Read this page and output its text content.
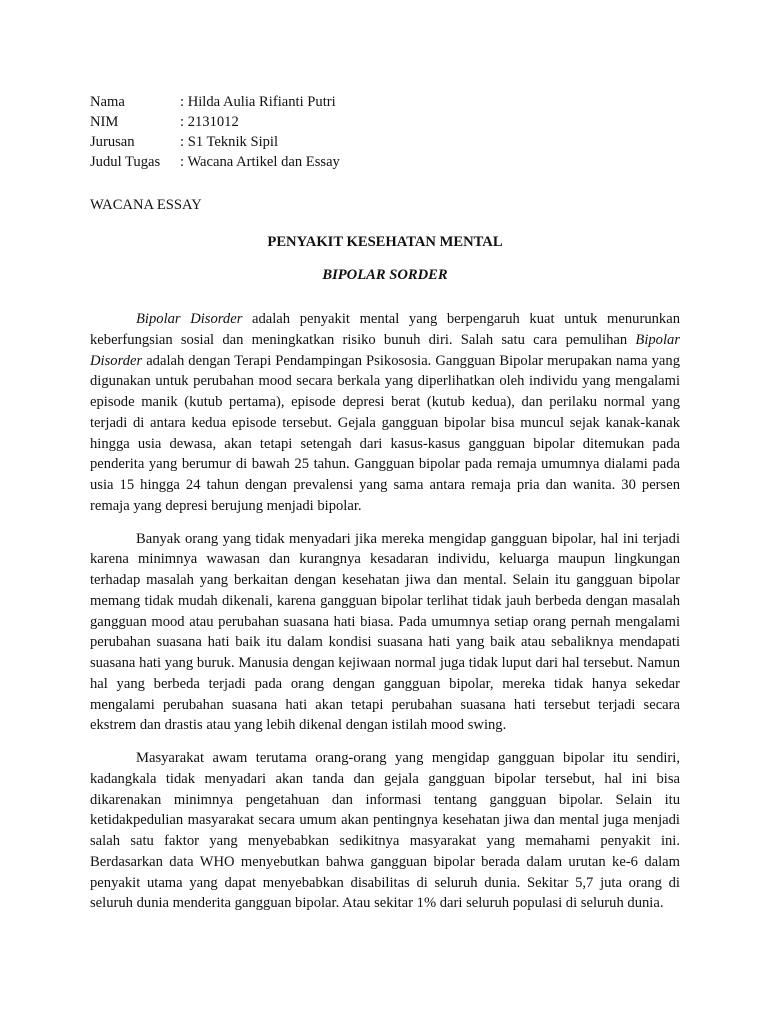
Nama	: Hilda Aulia Rifianti Putri
NIM	: 2131012
Jurusan	: S1 Teknik Sipil
Judul Tugas	: Wacana Artikel dan Essay
WACANA ESSAY
PENYAKIT KESEHATAN MENTAL
BIPOLAR SORDER

Bipolar Disorder adalah penyakit mental yang berpengaruh kuat untuk menurunkan keberfungsian sosial dan meningkatkan risiko bunuh diri. Salah satu cara pemulihan Bipolar Disorder adalah dengan Terapi Pendampingan Psikososia. Gangguan Bipolar merupakan nama yang digunakan untuk perubahan mood secara berkala yang diperlihatkan oleh individu yang mengalami episode manik (kutub pertama), episode depresi berat (kutub kedua), dan perilaku normal yang terjadi di antara kedua episode tersebut. Gejala gangguan bipolar bisa muncul sejak kanak-kanak hingga usia dewasa, akan tetapi setengah dari kasus-kasus gangguan bipolar ditemukan pada penderita yang berumur di bawah 25 tahun. Gangguan bipolar pada remaja umumnya dialami pada usia 15 hingga 24 tahun dengan prevalensi yang sama antara remaja pria dan wanita. 30 persen remaja yang depresi berujung menjadi bipolar.

Banyak orang yang tidak menyadari jika mereka mengidap gangguan bipolar, hal ini terjadi karena minimnya wawasan dan kurangnya kesadaran individu, keluarga maupun lingkungan terhadap masalah yang berkaitan dengan kesehatan jiwa dan mental. Selain itu gangguan bipolar memang tidak mudah dikenali, karena gangguan bipolar terlihat tidak jauh berbeda dengan masalah gangguan mood atau perubahan suasana hati biasa. Pada umumnya setiap orang pernah mengalami perubahan suasana hati baik itu dalam kondisi suasana hati yang baik atau sebaliknya mendapati suasana hati yang buruk. Manusia dengan kejiwaan normal juga tidak luput dari hal tersebut. Namun hal yang berbeda terjadi pada orang dengan gangguan bipolar, mereka tidak hanya sekedar mengalami perubahan suasana hati akan tetapi perubahan suasana hati tersebut terjadi secara ekstrem dan drastis atau yang lebih dikenal dengan istilah mood swing.

Masyarakat awam terutama orang-orang yang mengidap gangguan bipolar itu sendiri, kadangkala tidak menyadari akan tanda dan gejala gangguan bipolar tersebut, hal ini bisa dikarenakan minimnya pengetahuan dan informasi tentang gangguan bipolar. Selain itu ketidakpedulian masyarakat secara umum akan pentingnya kesehatan jiwa dan mental juga menjadi salah satu faktor yang menyebabkan sedikitnya masyarakat yang memahami penyakit ini. Berdasarkan data WHO menyebutkan bahwa gangguan bipolar berada dalam urutan ke-6 dalam penyakit utama yang dapat menyebabkan disabilitas di seluruh dunia. Sekitar 5,7 juta orang di seluruh dunia menderita gangguan bipolar. Atau sekitar 1% dari seluruh populasi di seluruh dunia.
